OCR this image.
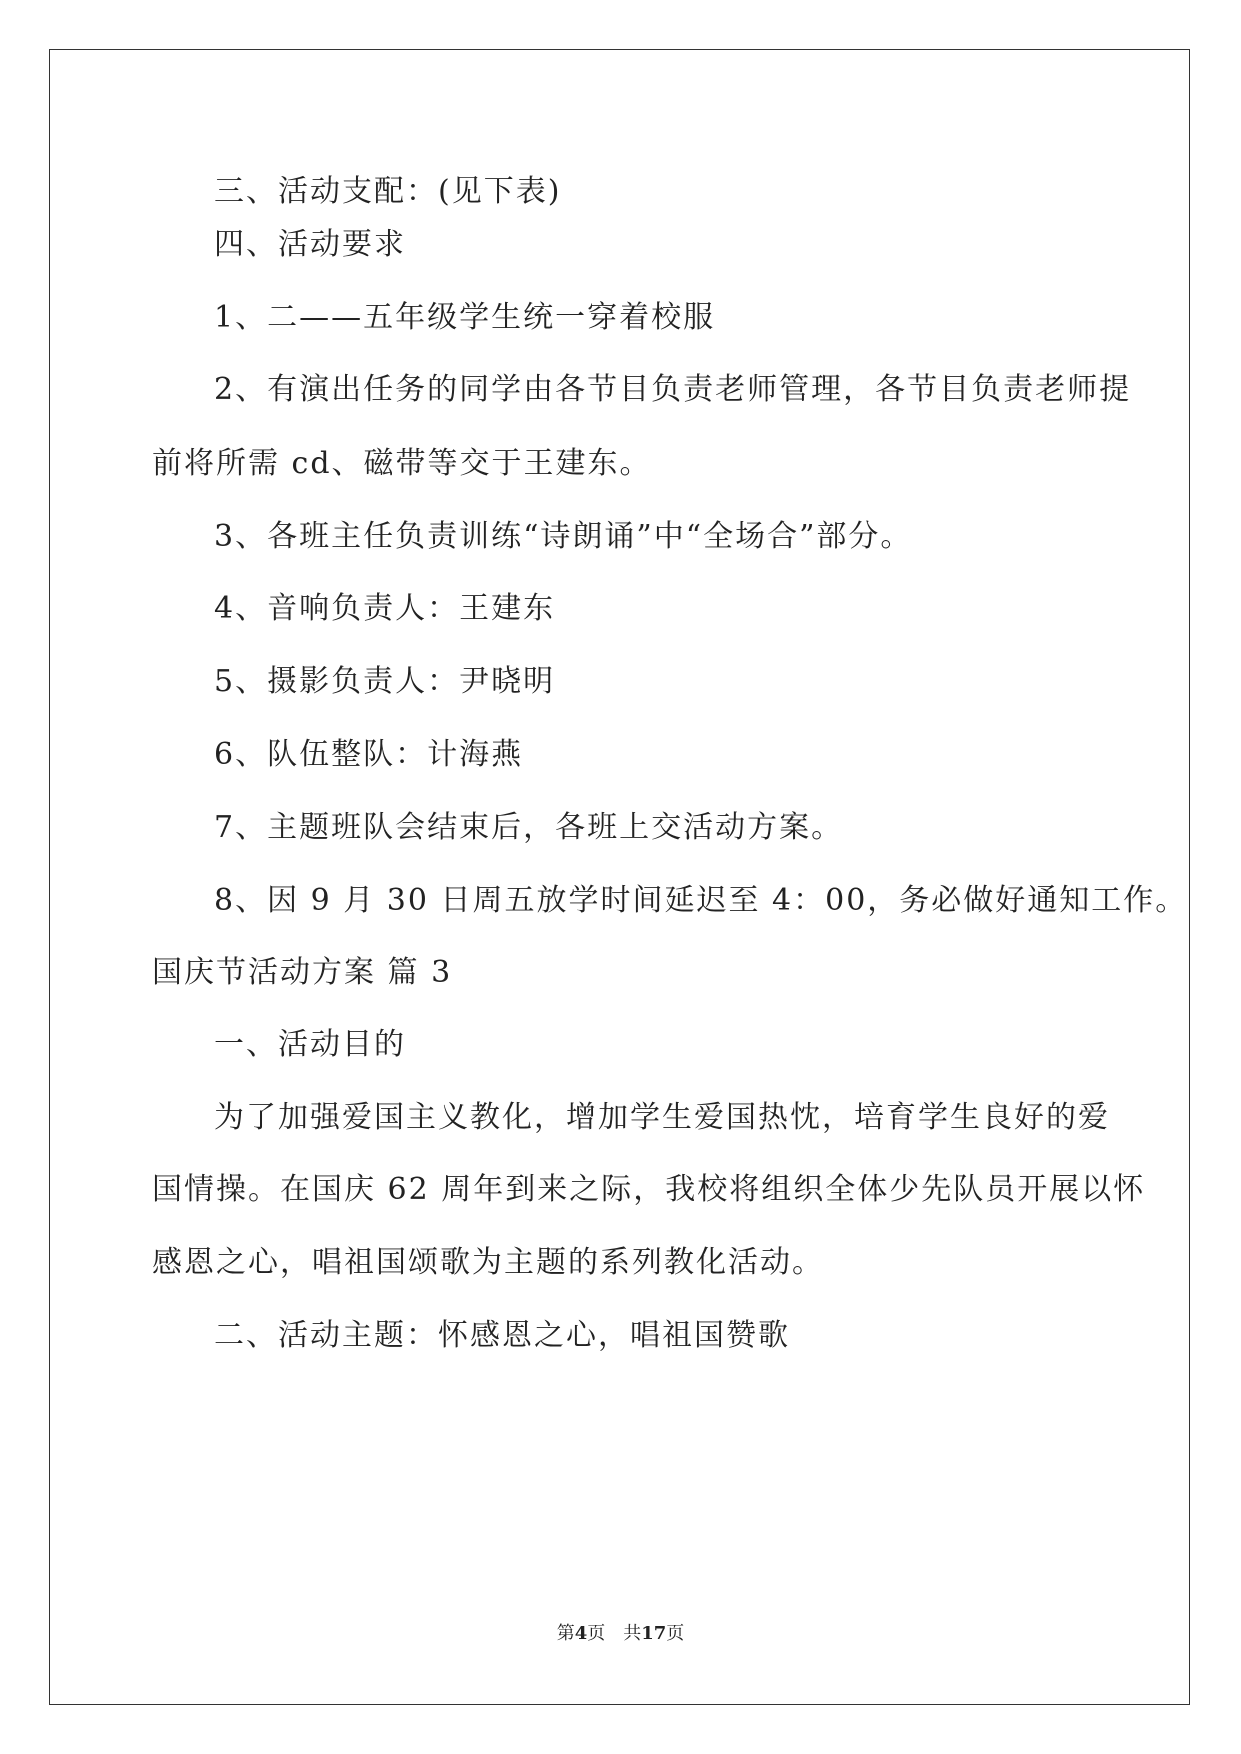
三、活动支配：(见下表)

四、活动要求

1、二——五年级学生统一穿着校服

2、有演出任务的同学由各节目负责老师管理，各节目负责老师提

前将所需 cd、磁带等交于王建东。

3、各班主任负责训练“诗朗诵”中“全场合”部分。

4、音响负责人：王建东

5、摄影负责人：尹晓明

6、队伍整队：计海燕

7、主题班队会结束后，各班上交活动方案。

8、因 9 月 30 日周五放学时间延迟至 4：00，务必做好通知工作。

国庆节活动方案 篇 3

一、活动目的

为了加强爱国主义教化，增加学生爱国热忱，培育学生良好的爱

国情操。在国庆 62 周年到来之际，我校将组织全体少先队员开展以怀

感恩之心，唱祖国颂歌为主题的系列教化活动。

二、活动主题：怀感恩之心，唱祖国赞歌

第4页 共17页
